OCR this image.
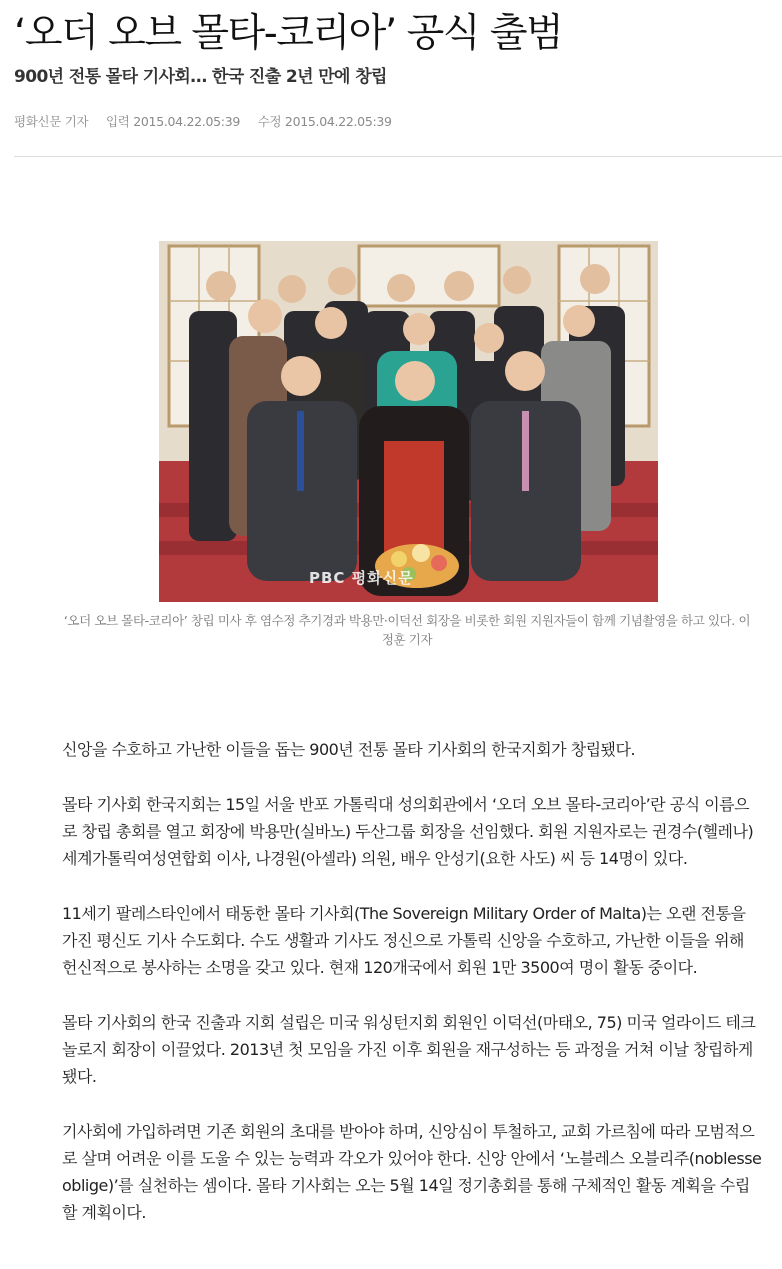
‘오더 오브 몰타-코리아’ 공식 출범
900년 전통 몰타 기사회… 한국 진출 2년 만에 창립
평화신문 기자 입력 2015.04.22.05:39 수정 2015.04.22.05:39
PBC 평화신문
‘오더 오브 몰타-코리아’ 창립 미사 후 염수정 추기경과 박용만·이덕선 회장을 비롯한 회원 지원자들이 함께 기념촬영을 하고 있다. 이정훈 기자

신앙을 수호하고 가난한 이들을 돕는 900년 전통 몰타 기사회의 한국지회가 창립됐다.

몰타 기사회 한국지회는 15일 서울 반포 가톨릭대 성의회관에서 ‘오더 오브 몰타-코리아’란 공식 이름으로 창립 총회를 열고 회장에 박용만(실바노) 두산그룹 회장을 선임했다. 회원 지원자로는 권경수(헬레나) 세계가톨릭여성연합회 이사, 나경원(아셀라) 의원, 배우 안성기(요한 사도) 씨 등 14명이 있다.

11세기 팔레스타인에서 태동한 몰타 기사회(The Sovereign Military Order of Malta)는 오랜 전통을 가진 평신도 기사 수도회다. 수도 생활과 기사도 정신으로 가톨릭 신앙을 수호하고, 가난한 이들을 위해 헌신적으로 봉사하는 소명을 갖고 있다. 현재 120개국에서 회원 1만 3500여 명이 활동 중이다.

몰타 기사회의 한국 진출과 지회 설립은 미국 워싱턴지회 회원인 이덕선(마태오, 75) 미국 얼라이드 테크놀로지 회장이 이끌었다. 2013년 첫 모임을 가진 이후 회원을 재구성하는 등 과정을 거쳐 이날 창립하게 됐다.

기사회에 가입하려면 기존 회원의 초대를 받아야 하며, 신앙심이 투철하고, 교회 가르침에 따라 모범적으로 살며 어려운 이를 도울 수 있는 능력과 각오가 있어야 한다. 신앙 안에서 ‘노블레스 오블리주(noblesse oblige)’를 실천하는 셈이다. 몰타 기사회는 오는 5월 14일 정기총회를 통해 구체적인 활동 계획을 수립할 계획이다.
